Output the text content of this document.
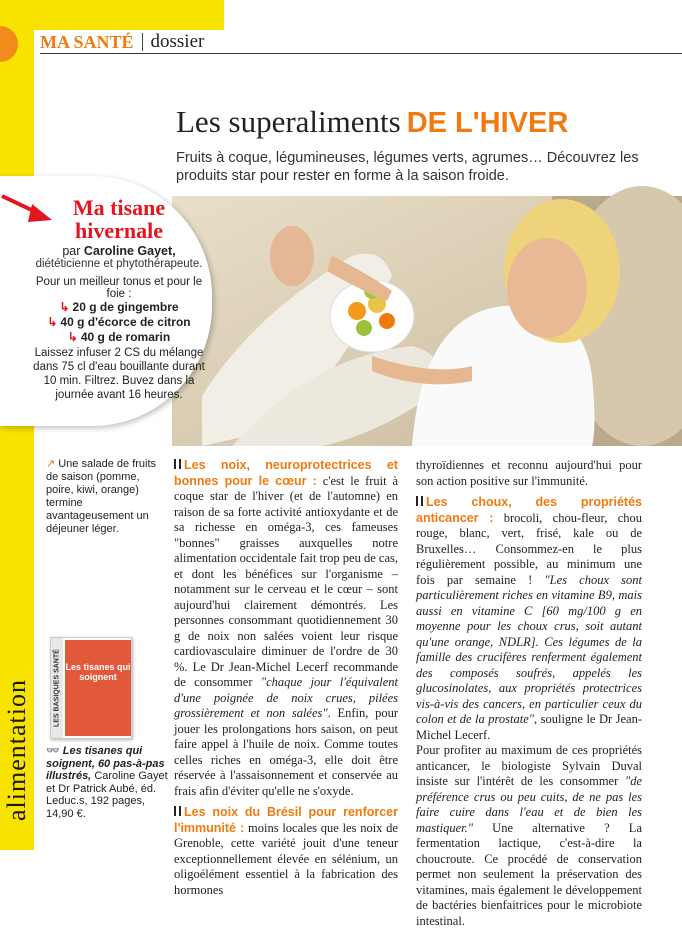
alimentation
MA SANTÉ dossier
Les superaliments DE L'HIVER
Fruits à coque, légumineuses, légumes verts, agrumes… Découvrez les produits star pour rester en forme à la saison froide.
Ma tisane
hivernale
par Caroline Gayet,
diététicienne et phytothérapeute.
Pour un meilleur tonus et pour le foie :
↳ 20 g de gingembre
↳ 40 g d'écorce de citron
↳ 40 g de romarin
Laissez infuser 2 CS du mélange dans 75 cl d'eau bouillante durant 10 min. Filtrez. Buvez dans la journée avant 16 heures.
↗ Une salade de fruits de saison (pomme, poire, kiwi, orange) termine avantageusement un déjeuner léger.
LES BASIQUES SANTÉ Les tisanes qui soignent
👓 Les tisanes qui soignent, 60 pas-à-pas illustrés, Caroline Gayet et Dr Patrick Aubé, éd. Leduc.s, 192 pages, 14,90 €.

Les noix, neuroprotectrices et bonnes pour le cœur : c'est le fruit à coque star de l'hiver (et de l'automne) en raison de sa forte activité antioxydante et de sa richesse en oméga-3, ces fameuses "bonnes" graisses auxquelles notre alimentation occidentale fait trop peu de cas, et dont les bénéfices sur l'organisme – notamment sur le cerveau et le cœur – sont aujourd'hui clairement démontrés. Les personnes consommant quotidiennement 30 g de noix non salées voient leur risque cardiovasculaire diminuer de l'ordre de 30 %. Le Dr Jean-Michel Lecerf recommande de consommer "chaque jour l'équivalent d'une poignée de noix crues, pilées grossièrement et non salées". Enfin, pour jouer les prolongations hors saison, on peut faire appel à l'huile de noix. Comme toutes celles riches en oméga-3, elle doit être réservée à l'assaisonnement et conservée au frais afin d'éviter qu'elle ne s'oxyde.

Les noix du Brésil pour renforcer l'immunité : moins locales que les noix de Grenoble, cette variété jouit d'une teneur exceptionnellement élevée en sélénium, un oligoélément essentiel à la fabrication des hormones

thyroïdiennes et reconnu aujourd'hui pour son action positive sur l'immunité.

Les choux, des propriétés anticancer : brocoli, chou-fleur, chou rouge, blanc, vert, frisé, kale ou de Bruxelles… Consommez-en le plus régulièrement possible, au minimum une fois par semaine ! "Les choux sont particulièrement riches en vitamine B9, mais aussi en vitamine C [60 mg/100 g en moyenne pour les choux crus, soit autant qu'une orange, NDLR]. Ces légumes de la famille des crucifères renferment également des composés soufrés, appelés les glucosinolates, aux propriétés protectrices vis-à-vis des cancers, en particulier ceux du colon et de la prostate", souligne le Dr Jean-Michel Lecerf.

Pour profiter au maximum de ces propriétés anticancer, le biologiste Sylvain Duval insiste sur l'intérêt de les consommer "de préférence crus ou peu cuits, de ne pas les faire cuire dans l'eau et de bien les mastiquer." Une alternative ? La fermentation lactique, c'est-à-dire la choucroute. Ce procédé de conservation permet non seulement la préservation des vitamines, mais également le développement de bactéries bienfaitrices pour le microbiote intestinal.
